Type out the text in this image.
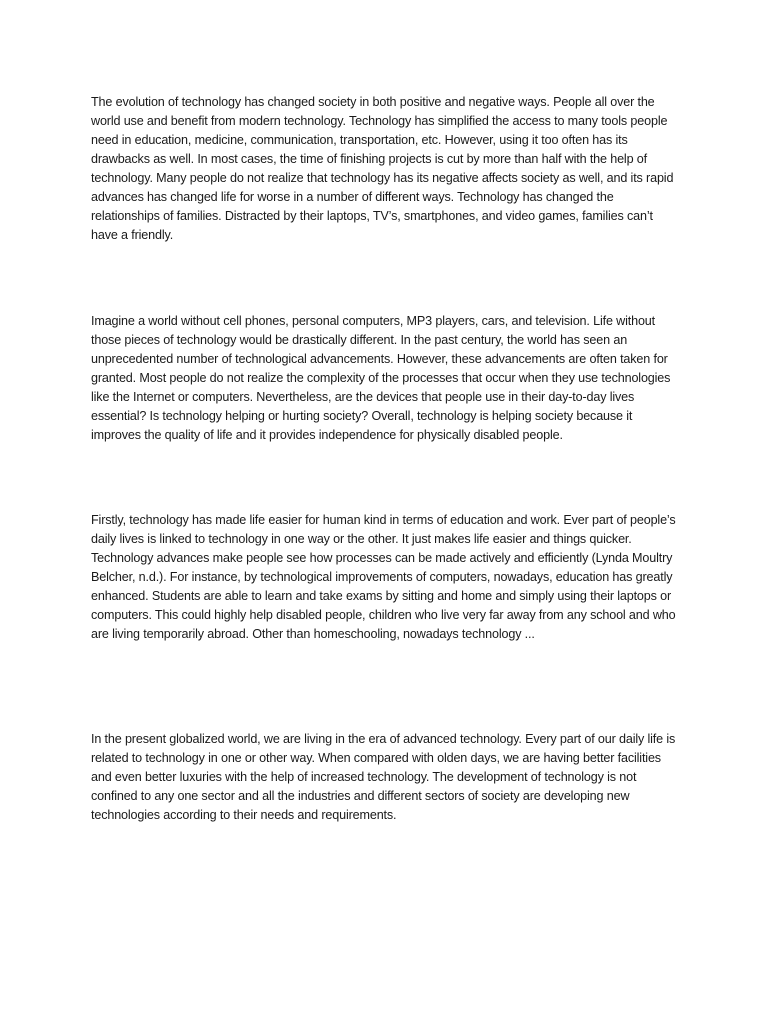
The evolution of technology has changed society in both positive and negative ways. People all over the world use and benefit from modern technology. Technology has simplified the access to many tools people need in education, medicine, communication, transportation, etc. However, using it too often has its drawbacks as well. In most cases, the time of finishing projects is cut by more than half with the help of technology. Many people do not realize that technology has its negative affects society as well, and its rapid advances has changed life for worse in a number of different ways. Technology has changed the relationships of families. Distracted by their laptops, TV’s, smartphones, and video games, families can’t have a friendly.

Imagine a world without cell phones, personal computers, MP3 players, cars, and television. Life without those pieces of technology would be drastically different. In the past century, the world has seen an unprecedented number of technological advancements. However, these advancements are often taken for granted. Most people do not realize the complexity of the processes that occur when they use technologies like the Internet or computers. Nevertheless, are the devices that people use in their day-to-day lives essential? Is technology helping or hurting society? Overall, technology is helping society because it improves the quality of life and it provides independence for physically disabled people.

Firstly, technology has made life easier for human kind in terms of education and work. Ever part of people’s daily lives is linked to technology in one way or the other. It just makes life easier and things quicker. Technology advances make people see how processes can be made actively and efficiently (Lynda Moultry Belcher, n.d.). For instance, by technological improvements of computers, nowadays, education has greatly enhanced. Students are able to learn and take exams by sitting and home and simply using their laptops or computers. This could highly help disabled people, children who live very far away from any school and who are living temporarily abroad. Other than homeschooling, nowadays technology ...

In the present globalized world, we are living in the era of advanced technology. Every part of our daily life is related to technology in one or other way. When compared with olden days, we are having better facilities and even better luxuries with the help of increased technology. The development of technology is not confined to any one sector and all the industries and different sectors of society are developing new technologies according to their needs and requirements.
